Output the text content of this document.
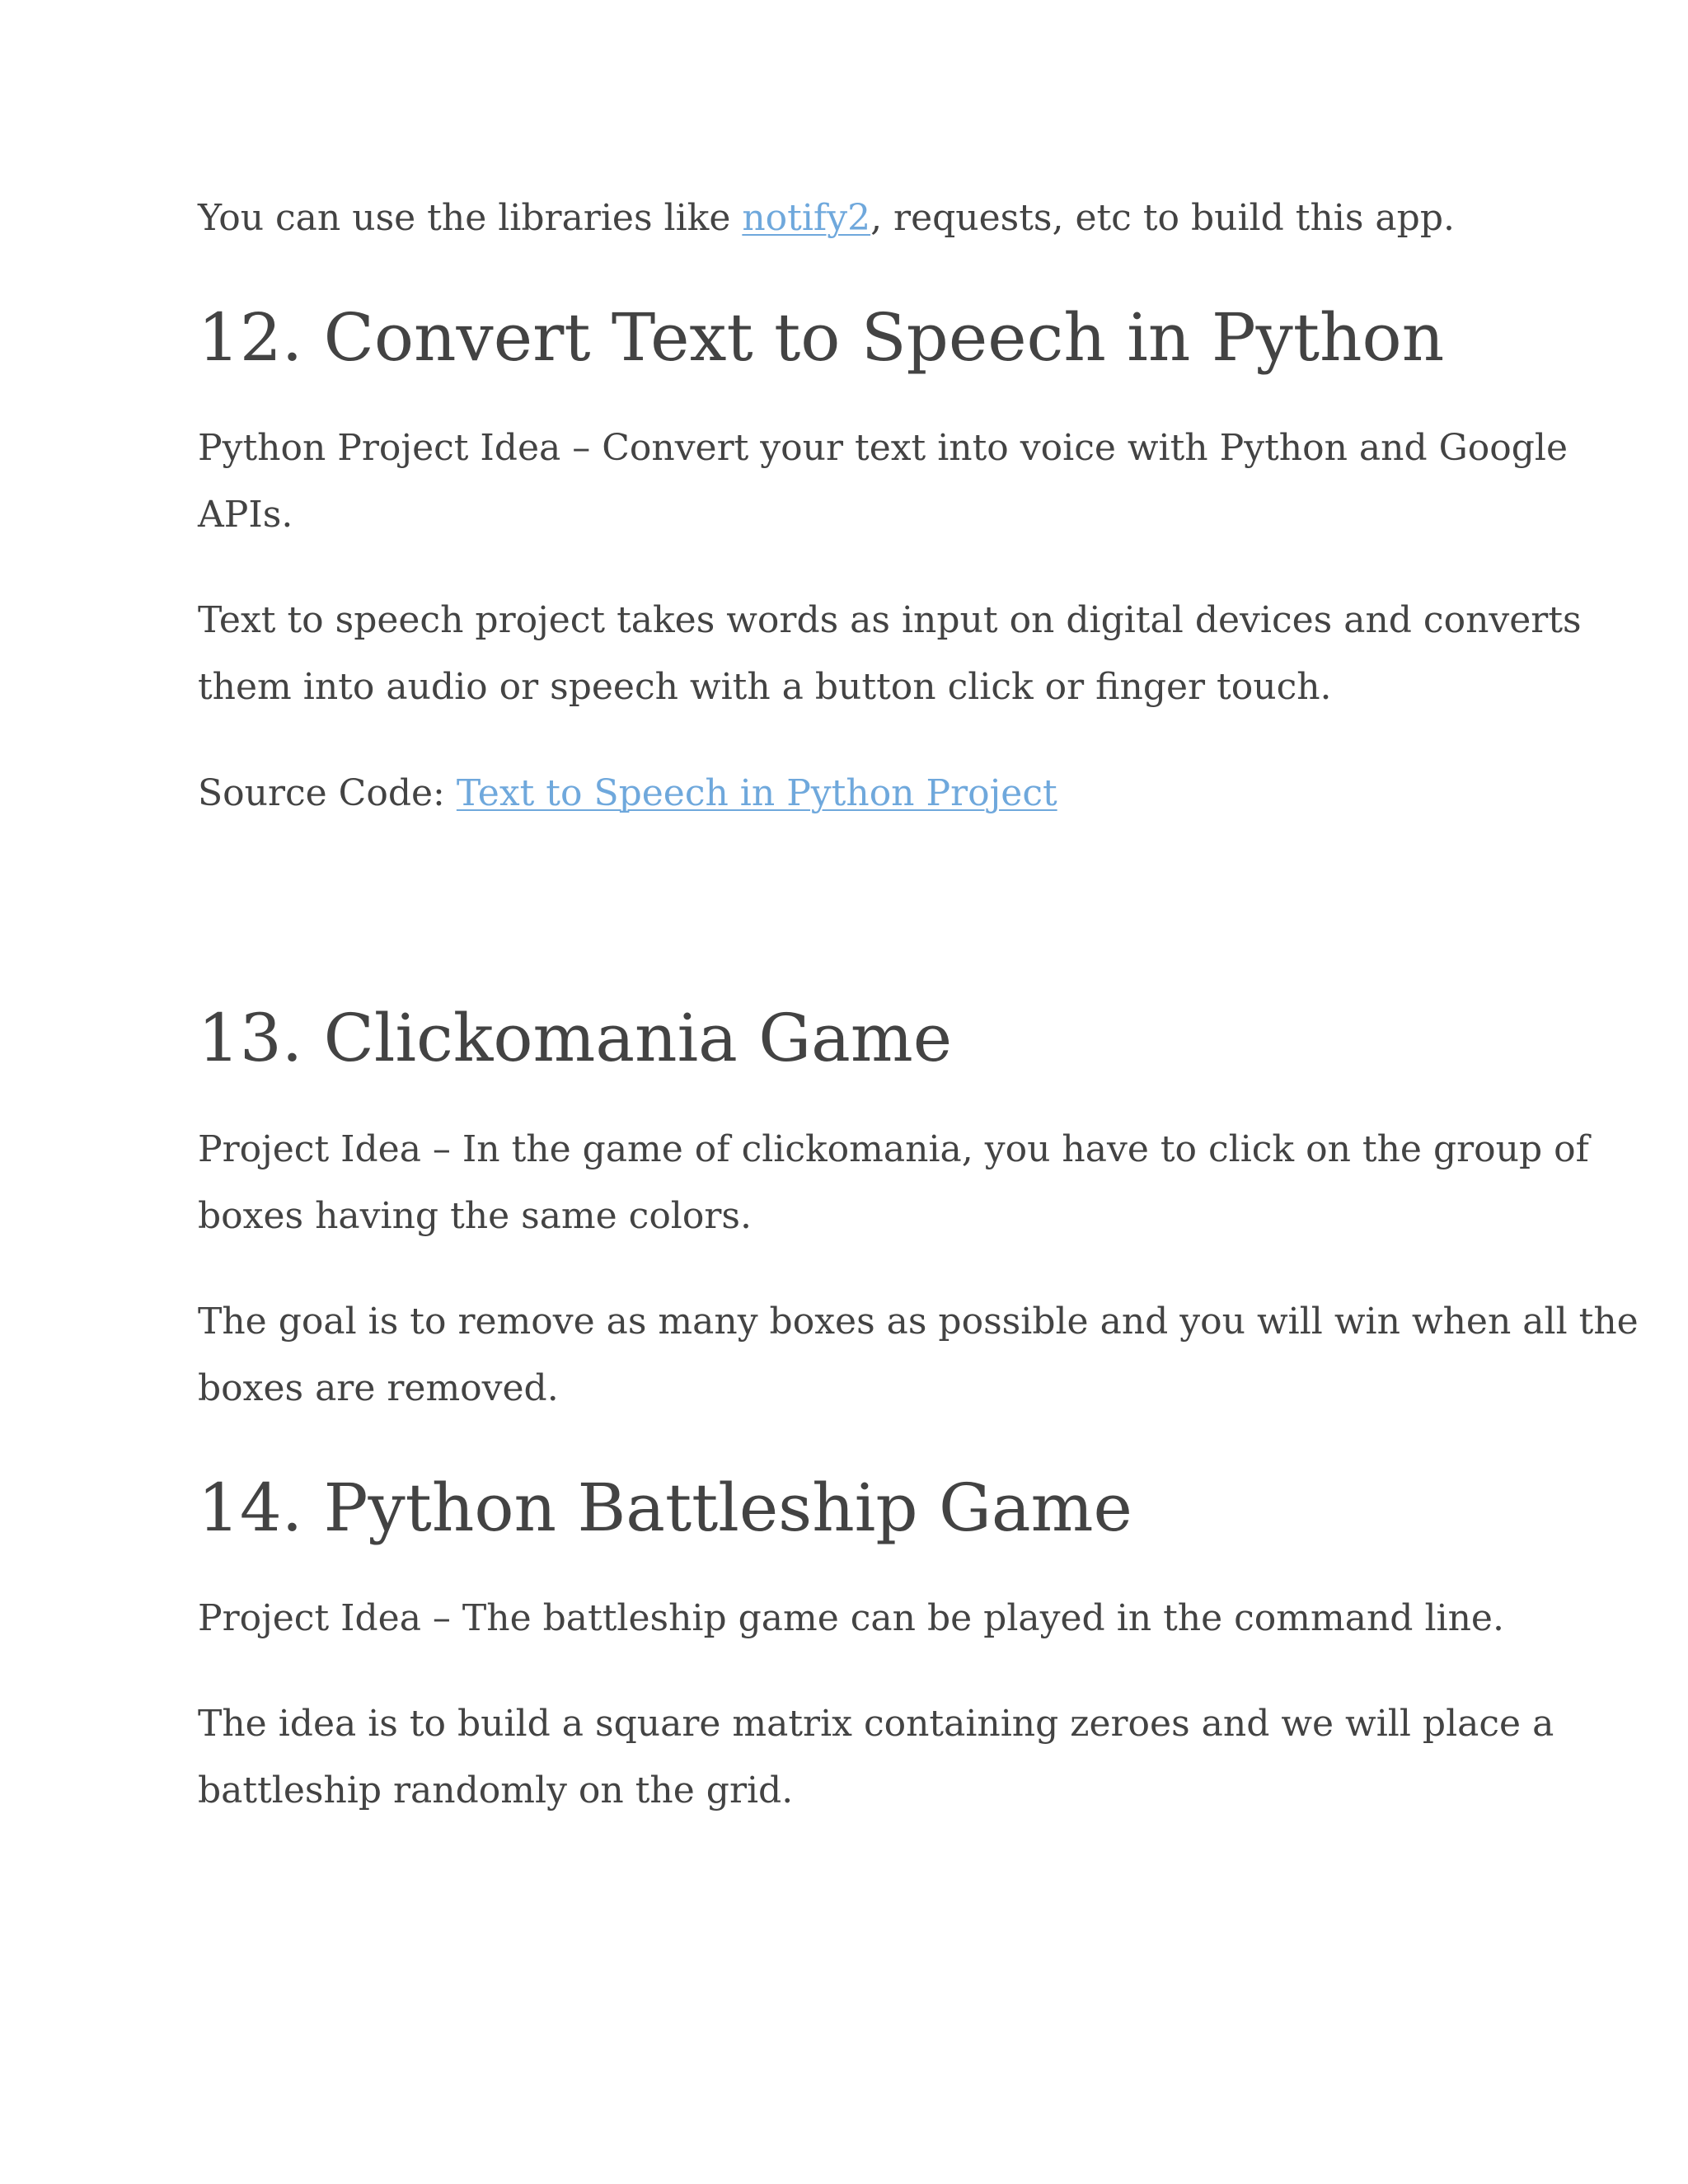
You can use the libraries like notify2, requests, etc to build this app.

12. Convert Text to Speech in Python

Python Project Idea – Convert your text into voice with Python and Google

APIs.

Text to speech project takes words as input on digital devices and converts

them into audio or speech with a button click or finger touch.

Source Code: Text to Speech in Python Project

13. Clickomania Game

Project Idea – In the game of clickomania, you have to click on the group of

boxes having the same colors.

The goal is to remove as many boxes as possible and you will win when all the

boxes are removed.

14. Python Battleship Game

Project Idea – The battleship game can be played in the command line.

The idea is to build a square matrix containing zeroes and we will place a

battleship randomly on the grid.
